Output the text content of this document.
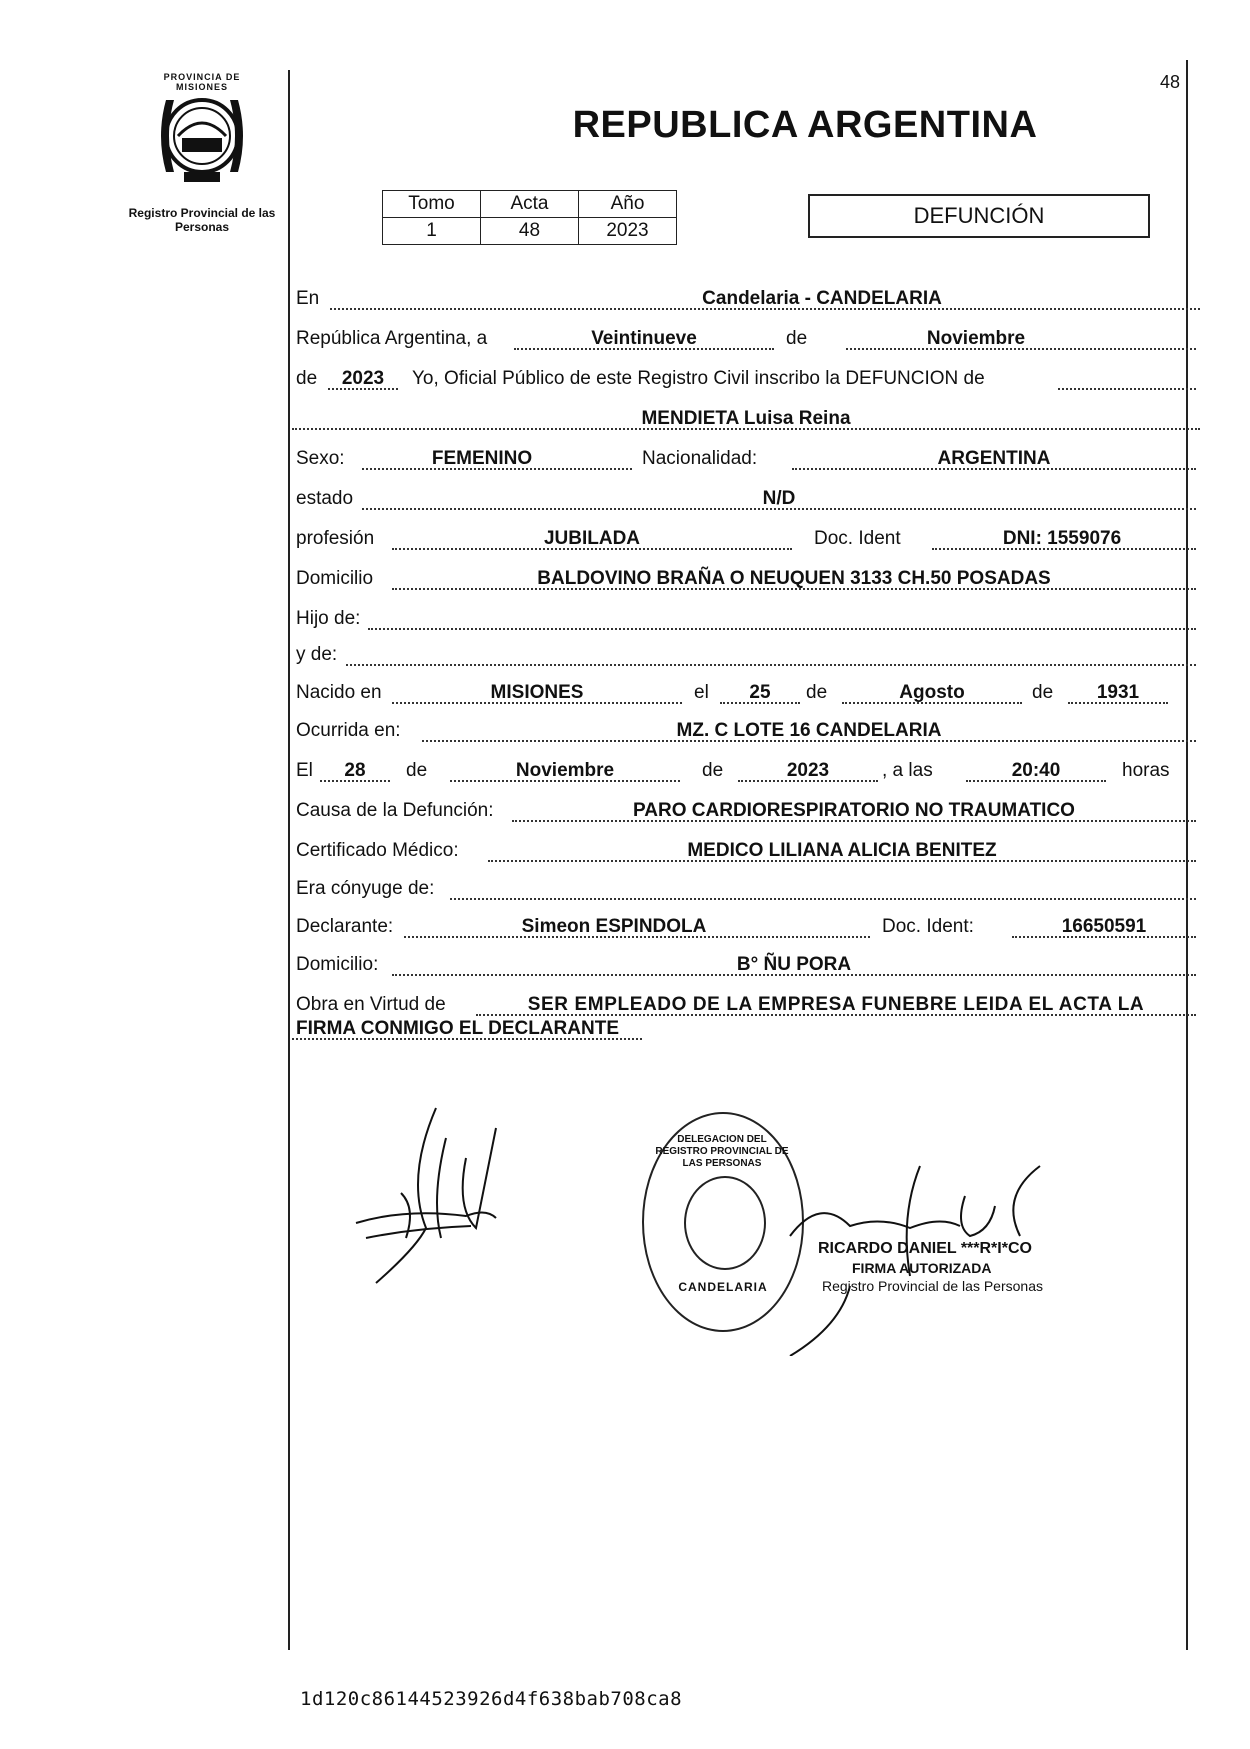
PROVINCIA DE MISIONES
Registro Provincial de las Personas
48
REPUBLICA ARGENTINA
Tomo	Acta	Año
1	48	2023
DEFUNCIÓN
En	Candelaria - CANDELARIA
República Argentina, a	Veintinueve	de	Noviembre
de	2023	Yo, Oficial Público de este Registro Civil inscribo la DEFUNCION de
MENDIETA Luisa Reina
Sexo:	FEMENINO	Nacionalidad:	ARGENTINA
estado	N/D
profesión	JUBILADA	Doc. Ident	DNI: 1559076
Domicilio	BALDOVINO BRAÑA O NEUQUEN 3133 CH.50 POSADAS
Hijo de:
y de:
Nacido en	MISIONES	el	25	de	Agosto	de	1931
Ocurrida en:	MZ. C LOTE 16 CANDELARIA
El	28	de	Noviembre	de	2023	, a las	20:40	horas
Causa de la Defunción:	PARO CARDIORESPIRATORIO NO TRAUMATICO
Certificado Médico:	MEDICO LILIANA ALICIA BENITEZ
Era cónyuge de:
Declarante:	Simeon ESPINDOLA	Doc. Ident:	16650591
Domicilio:	B° ÑU PORA
Obra en Virtud de	SER EMPLEADO DE LA EMPRESA FUNEBRE LEIDA EL ACTA LA
FIRMA CONMIGO EL DECLARANTE
DELEGACION DEL REGISTRO PROVINCIAL DE LAS PERSONAS
CANDELARIA
RICARDO DANIEL ***R*I*CO
FIRMA AUTORIZADA
Registro Provincial de las Personas
1d120c86144523926d4f638bab708ca8
